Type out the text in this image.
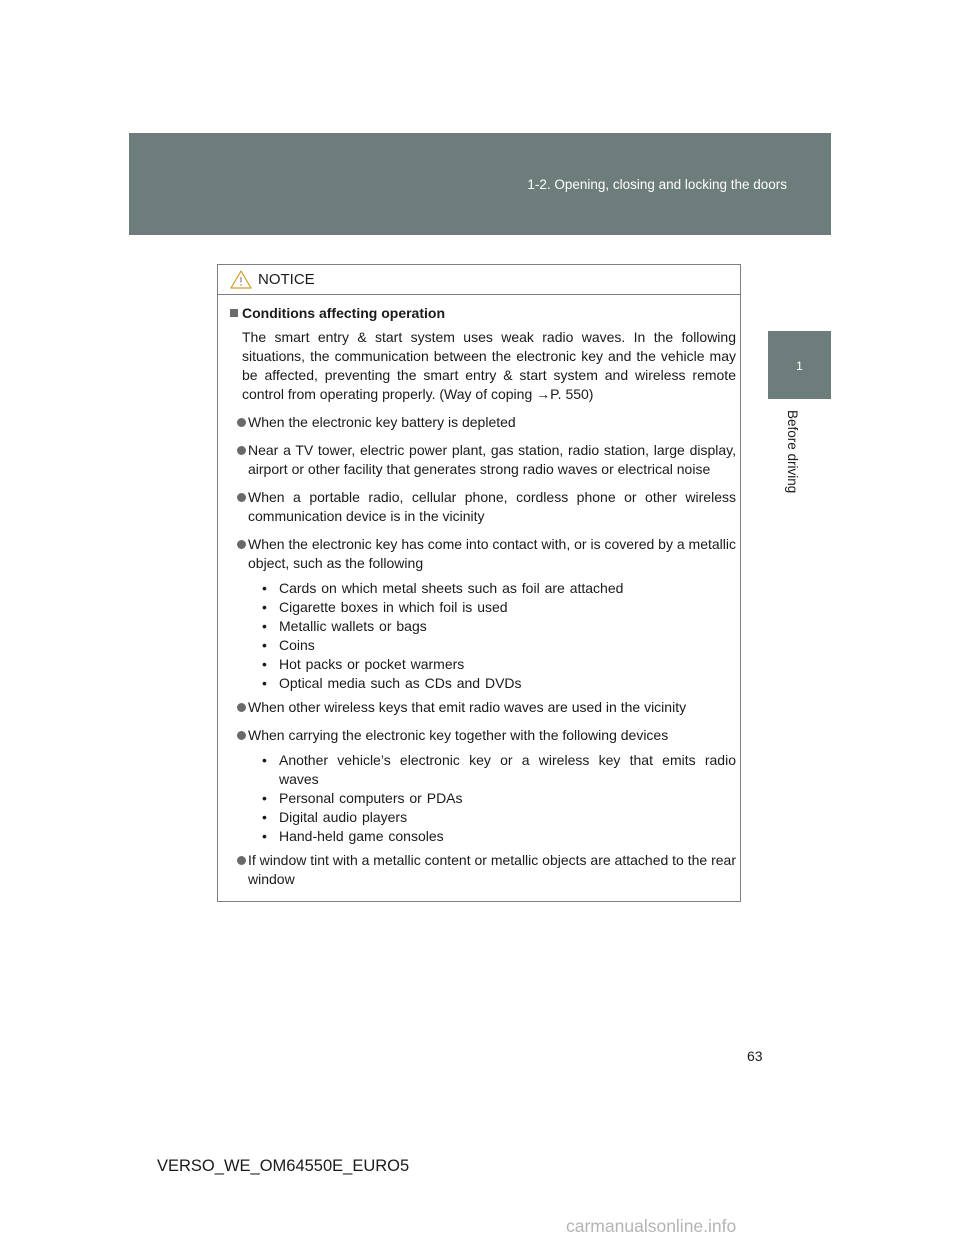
1-2. Opening, closing and locking the doors
1
Before driving
NOTICE
Conditions affecting operation
The smart entry & start system uses weak radio waves. In the following situations, the communication between the electronic key and the vehicle may be affected, preventing the smart entry & start system and wireless remote control from operating properly. (Way of coping →P. 550)
When the electronic key battery is depleted
Near a TV tower, electric power plant, gas station, radio station, large display, airport or other facility that generates strong radio waves or electrical noise
When a portable radio, cellular phone, cordless phone or other wireless communication device is in the vicinity
When the electronic key has come into contact with, or is covered by a metallic object, such as the following
• Cards on which metal sheets such as foil are attached
• Cigarette boxes in which foil is used
• Metallic wallets or bags
• Coins
• Hot packs or pocket warmers
• Optical media such as CDs and DVDs
When other wireless keys that emit radio waves are used in the vicinity
When carrying the electronic key together with the following devices
• Another vehicle’s electronic key or a wireless key that emits radio waves
• Personal computers or PDAs
• Digital audio players
• Hand-held game consoles
If window tint with a metallic content or metallic objects are attached to the rear window
63
VERSO_WE_OM64550E_EURO5
carmanualsonline.info
